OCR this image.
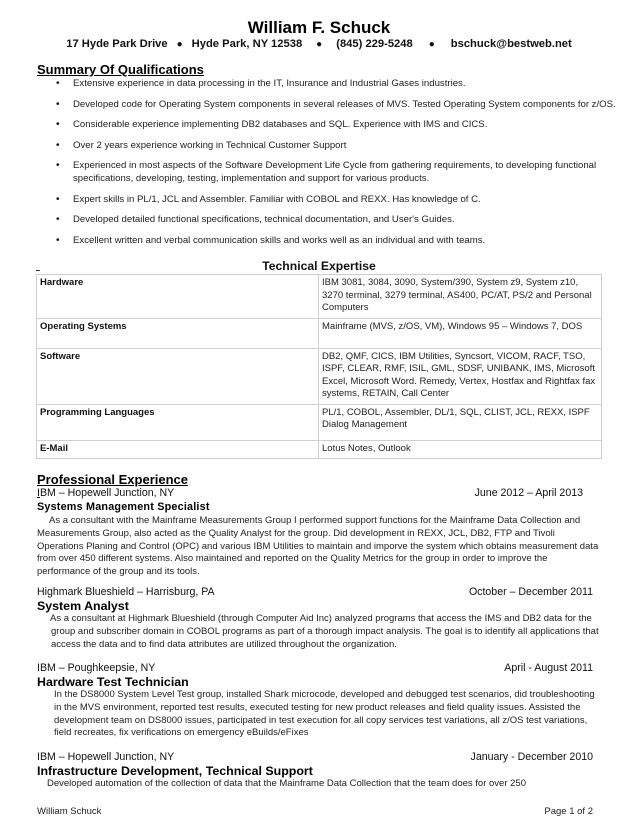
William F. Schuck
17 Hyde Park Drive ● Hyde Park, NY 12538 ● (845) 229-5248 ● bschuck@bestweb.net
Summary Of Qualifications
• Extensive experience in data processing in the IT, Insurance and Industrial Gases industries.
• Developed code for Operating System components in several releases of MVS. Tested Operating System components for z/OS.
• Considerable experience implementing DB2 databases and SQL. Experience with IMS and CICS.
• Over 2 years experience working in Technical Customer Support
• Experienced in most aspects of the Software Development Life Cycle from gathering requirements, to developing functional specifications, developing, testing, implementation and support for various products.
• Expert skills in PL/1, JCL and Assembler. Familiar with COBOL and REXX. Has knowledge of C.
• Developed detailed functional specifications, technical documentation, and User's Guides.
• Excellent written and verbal communication skills and works well as an individual and with teams.
Technical Expertise
Hardware	IBM 3081, 3084, 3090, System/390, System z9, System z10, 3270 terminal, 3279 terminal, AS400, PC/AT, PS/2 and Personal Computers
Operating Systems	Mainframe (MVS, z/OS, VM), Windows 95 – Windows 7, DOS
Software	DB2, QMF, CICS, IBM Utilities, Syncsort, VICOM, RACF, TSO, ISPF, CLEAR, RMF, ISIL, GML, SDSF, UNIBANK, IMS, Microsoft Excel, Microsoft Word. Remedy, Vertex, Hostfax and Rightfax fax systems, RETAIN, Call Center
Programming Languages	PL/1, COBOL, Assembler, DL/1, SQL, CLIST, JCL, REXX, ISPF Dialog Management
E-Mail	Lotus Notes, Outlook
Professional Experience
IBM – Hopewell Junction, NY	June 2012 – April 2013
Systems Management Specialist
As a consultant with the Mainframe Measurements Group I performed support functions for the Mainframe Data Collection and Measurements Group, also acted as the Quality Analyst for the group. Did development in REXX, JCL, DB2, FTP and Tivoli Operations Planing and Control (OPC) and various IBM Utilities to maintain and imporve the system which obtains measurement data from over 450 different systems. Also maintained and reported on the Quality Metrics for the group in order to improve the performance of the group and its tools.
Highmark Blueshield – Harrisburg, PA	October – December 2011
System Analyst
As a consultant at Highmark Blueshield (through Computer Aid Inc) analyzed programs that access the IMS and DB2 data for the group and subscriber domain in COBOL programs as part of a thorough impact analysis. The goal is to identify all applications that access the data and to find data attributes are utilized throughout the organization.
IBM – Poughkeepsie, NY	April - August 2011
Hardware Test Technician
In the DS8000 System Level Test group, installed Shark microcode, developed and debugged test scenarios, did troubleshooting in the MVS environment, reported test results, executed testing for new product releases and field quality issues. Assisted the development team on DS8000 issues, participated in test execution for all copy services test variations, all z/OS test variations, field recreates, fix verifications on emergency eBuilds/eFixes
IBM – Hopewell Junction, NY	January - December 2010
Infrastructure Development, Technical Support
Developed automation of the collection of data that the Mainframe Data Collection that the team does for over 250
William Schuck	Page 1 of 2
